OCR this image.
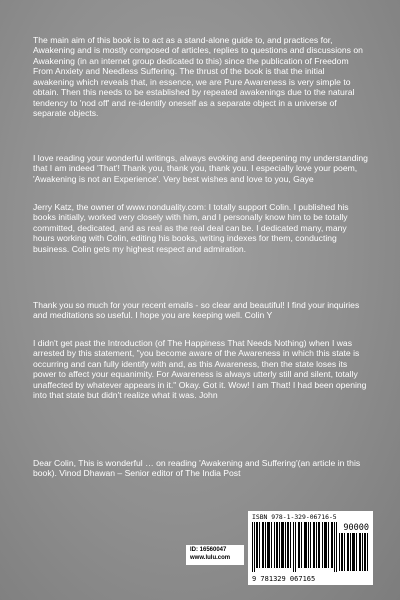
The main aim of this book is to act as a stand-alone guide to, and practices for, Awakening and is mostly composed of articles, replies to questions and discussions on Awakening (in an internet group dedicated to this) since the publication of Freedom From Anxiety and Needless Suffering. The thrust of the book is that the initial awakening which reveals that, in essence, we are Pure Awareness is very simple to obtain. Then this needs to be established by repeated awakenings due to the natural tendency to 'nod off' and re-identify oneself as a separate object in a universe of separate objects.

I love reading your wonderful writings, always evoking and deepening my understanding that I am indeed 'That'! Thank you, thank you, thank you. I especially love your poem, 'Awakening is not an Experience'. Very best wishes and love to you, Gaye

Jerry Katz, the owner of www.nonduality.com: I totally support Colin. I published his books initially, worked very closely with him, and I personally know him to be totally committed, dedicated, and as real as the real deal can be. I dedicated many, many hours working with Colin, editing his books, writing indexes for them, conducting business. Colin gets my highest respect and admiration.

Thank you so much for your recent emails - so clear and beautiful! I find your inquiries and meditations so useful. I hope you are keeping well. Colin Y

I didn't get past the Introduction (of The Happiness That Needs Nothing) when I was arrested by this statement, "you become aware of the Awareness in which this state is occurring and can fully identify with and, as this Awareness, then the state loses its power to affect your equanimity. For Awareness is always utterly still and silent, totally unaffected by whatever appears in it." Okay. Got it. Wow! I am That! I had been opening into that state but didn't realize what it was. John

Dear Colin, This is wonderful … on reading 'Awakening and Suffering'(an article in this book). Vinod Dhawan – Senior editor of The India Post

ID: 16560047
www.lulu.com
ISBN 978-1-329-06716-5
90000
9 781329 067165
